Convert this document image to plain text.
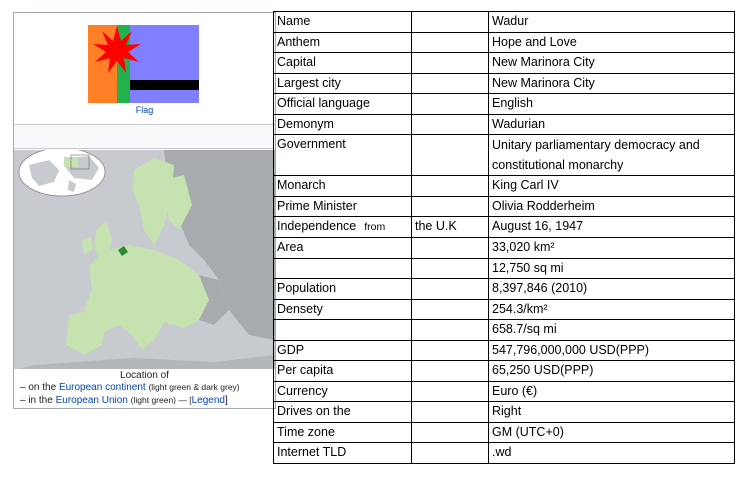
Flag
Location of
– on the European continent (light green & dark grey)
– in the European Union (light green) — [Legend]
Name		Wadur
Anthem		Hope and Love
Capital		New Marinora City
Largest city		New Marinora City
Official language		English
Demonym		Wadurian
Government		Unitary parliamentary democracy and constitutional monarchy
Monarch		King Carl IV
Prime Minister		Olivia Rodderheim
Independence from	the U.K	August 16, 1947
Area		33,020 km²
		12,750 sq mi
Population		8,397,846 (2010)
Densety		254.3/km²
		658.7/sq mi
GDP		547,796,000,000 USD(PPP)
Per capita		65,250 USD(PPP)
Currency		Euro (€)
Drives on the		Right
Time zone		GM (UTC+0)
Internet TLD		.wd
